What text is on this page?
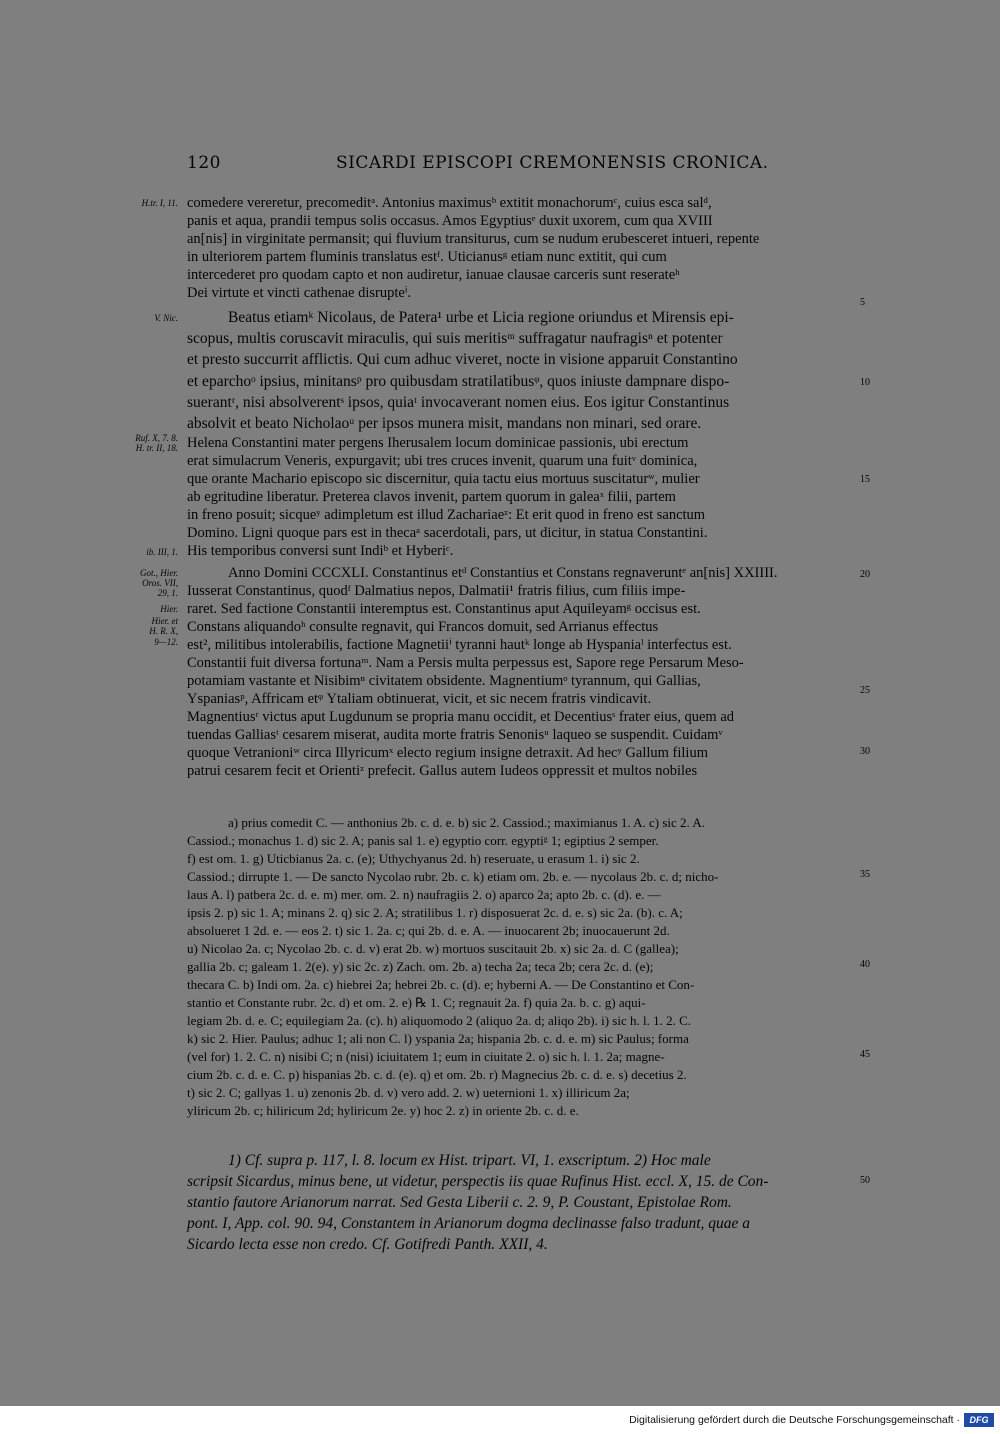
120	SICARDI EPISCOPI CREMONENSIS CRONICA.
H.tr. I, 11.
V. Nic.
Ruf. X, 7. 8.
H. tr. II, 18.
ib. III, 1.
Got., Hier.
Oros. VII,
29, 1.
Hier.
Hier. et
H. R. X,
9—12.
5
10
15
20
25
30
35
40
45
50
comedere vereretur, precomeditᵃ. Antonius maximusᵇ extitit monachorumᶜ, cuius esca salᵈ,
panis et aqua, prandii tempus solis occasus. Amos Egyptiusᵉ duxit uxorem, cum qua XVIII
an[nis] in virginitate permansit; qui fluvium transiturus, cum se nudum erubesceret intueri, repente
in ulteriorem partem fluminis translatus estᶠ. Uticianusᵍ etiam nunc extitit, qui cum
intercederet pro quodam capto et non audiretur, ianuae clausae carceris sunt reserateʰ
Dei virtute et vincti cathenae disrupteⁱ.
Beatus etiamᵏ Nicolaus, de Patera¹ urbe et Licia regione oriundus et Mirensis epi-
scopus, multis coruscavit miraculis, qui suis meritisᵐ suffragatur naufragisⁿ et potenter
et presto succurrit afflictis. Qui cum adhuc viveret, nocte in visione apparuit Constantino
et eparchoᵒ ipsius, minitansᵖ pro quibusdam stratilatibusᵠ, quos iniuste dampnare dispo-
suerantʳ, nisi absolverentˢ ipsos, quiaᵗ invocaverant nomen eius. Eos igitur Constantinus
absolvit et beato Nicholaoᵘ per ipsos munera misit, mandans non minari, sed orare.
Helena Constantini mater pergens Iherusalem locum dominicae passionis, ubi erectum
erat simulacrum Veneris, expurgavit; ubi tres cruces invenit, quarum una fuitᵛ dominica,
que orante Machario episcopo sic discernitur, quia tactu eius mortuus suscitaturʷ, mulier
ab egritudine liberatur. Preterea clavos invenit, partem quorum in galeaˣ filii, partem
in freno posuit; sicqueʸ adimpletum est illud Zachariaeᶻ: Et erit quod in freno est sanctum
Domino. Ligni quoque pars est in thecaᵃ sacerdotali, pars, ut dicitur, in statua Constantini.
His temporibus conversi sunt Indiᵇ et Hyberiᶜ.
Anno Domini CCCXLI. Constantinus etᵈ Constantius et Constans regnaveruntᵉ an[nis] XXIIII.
Iusserat Constantinus, quodᶠ Dalmatius nepos, Dalmatii¹ fratris filius, cum filiis impe-
raret. Sed factione Constantii interemptus est. Constantinus aput Aquileyamᵍ occisus est.
Constans aliquandoʰ consulte regnavit, qui Francos domuit, sed Arrianus effectus
est², militibus intolerabilis, factione Magnetiiⁱ tyranni hautᵏ longe ab Hyspaniaˡ interfectus est.
Constantii fuit diversa fortunaᵐ. Nam a Persis multa perpessus est, Sapore rege Persarum Meso-
potamiam vastante et Nisibimⁿ civitatem obsidente. Magnentiumᵒ tyrannum, qui Gallias,
Yspaniasᵖ, Affricam etᵠ Ytaliam obtinuerat, vicit, et sic necem fratris vindicavit.
Magnentiusʳ victus aput Lugdunum se propria manu occidit, et Decentiusˢ frater eius, quem ad
tuendas Galliasᵗ cesarem miserat, audita morte fratris Senonisᵘ laqueo se suspendit. Cuidamᵛ
quoque Vetranioniʷ circa Illyricumˣ electo regium insigne detraxit. Ad hecʸ Gallum filium
patrui cesarem fecit et Orientiᶻ prefecit. Gallus autem Iudeos oppressit et multos nobiles
a) prius comedit C. — anthonius 2b. c. d. e. b) sic 2. Cassiod.; maximianus 1. A. c) sic 2. A.
Cassiod.; monachus 1. d) sic 2. A; panis sal 1. e) egyptio corr. egyptiᵍ 1; egiptius 2 semper.
f) est om. 1. g) Uticbianus 2a. c. (e); Uthychyanus 2d. h) reseruate, u erasum 1. i) sic 2.
Cassiod.; dirrupte 1. — De sancto Nycolao rubr. 2b. c. k) etiam om. 2b. e. — nycolaus 2b. c. d; nicho-
laus A. l) patbera 2c. d. e. m) mer. om. 2. n) naufragiis 2. o) aparco 2a; apto 2b. c. (d). e. —
ipsis 2. p) sic 1. A; minans 2. q) sic 2. A; stratilibus 1. r) disposuerat 2c. d. e. s) sic 2a. (b). c. A;
absolueret 1 2d. e. — eos 2. t) sic 1. 2a. c; qui 2b. d. e. A. — inuocarent 2b; inuocauerunt 2d.
u) Nicolao 2a. c; Nycolao 2b. c. d. v) erat 2b. w) mortuos suscitauit 2b. x) sic 2a. d. C (gallea);
gallia 2b. c; galeam 1. 2(e). y) sic 2c. z) Zach. om. 2b. a) techa 2a; teca 2b; cera 2c. d. (e);
thecara C. b) Indi om. 2a. c) hiebrei 2a; hebrei 2b. c. (d). e; hyberni A. — De Constantino et Con-
stantio et Constante rubr. 2c. d) et om. 2. e) ℞ 1. C; regnauit 2a. f) quia 2a. b. c. g) aqui-
legiam 2b. d. e. C; equilegiam 2a. (c). h) aliquomodo 2 (aliquo 2a. d; aliqo 2b). i) sic h. l. 1. 2. C.
k) sic 2. Hier. Paulus; adhuc 1; ali non C. l) yspania 2a; hispania 2b. c. d. e. m) sic Paulus; forma
(vel for) 1. 2. C. n) nisibi C; n (nisi) iciuitatem 1; eum in ciuitate 2. o) sic h. l. 1. 2a; magne-
cium 2b. c. d. e. C. p) hispanias 2b. c. d. (e). q) et om. 2b. r) Magnecius 2b. c. d. e. s) decetius 2.
t) sic 2. C; gallyas 1. u) zenonis 2b. d. v) vero add. 2. w) ueternioni 1. x) illiricum 2a;
yliricum 2b. c; hiliricum 2d; hyliricum 2e. y) hoc 2. z) in oriente 2b. c. d. e.
1) Cf. supra p. 117, l. 8. locum ex Hist. tripart. VI, 1. exscriptum. 2) Hoc male
scripsit Sicardus, minus bene, ut videtur, perspectis iis quae Rufinus Hist. eccl. X, 15. de Con-
stantio fautore Arianorum narrat. Sed Gesta Liberii c. 2. 9, P. Coustant, Epistolae Rom.
pont. I, App. col. 90. 94, Constantem in Arianorum dogma declinasse falso tradunt, quae a
Sicardo lecta esse non credo. Cf. Gotifredi Panth. XXII, 4.
Digitalisierung gefördert durch die Deutsche Forschungsgemeinschaft ·	DFG
